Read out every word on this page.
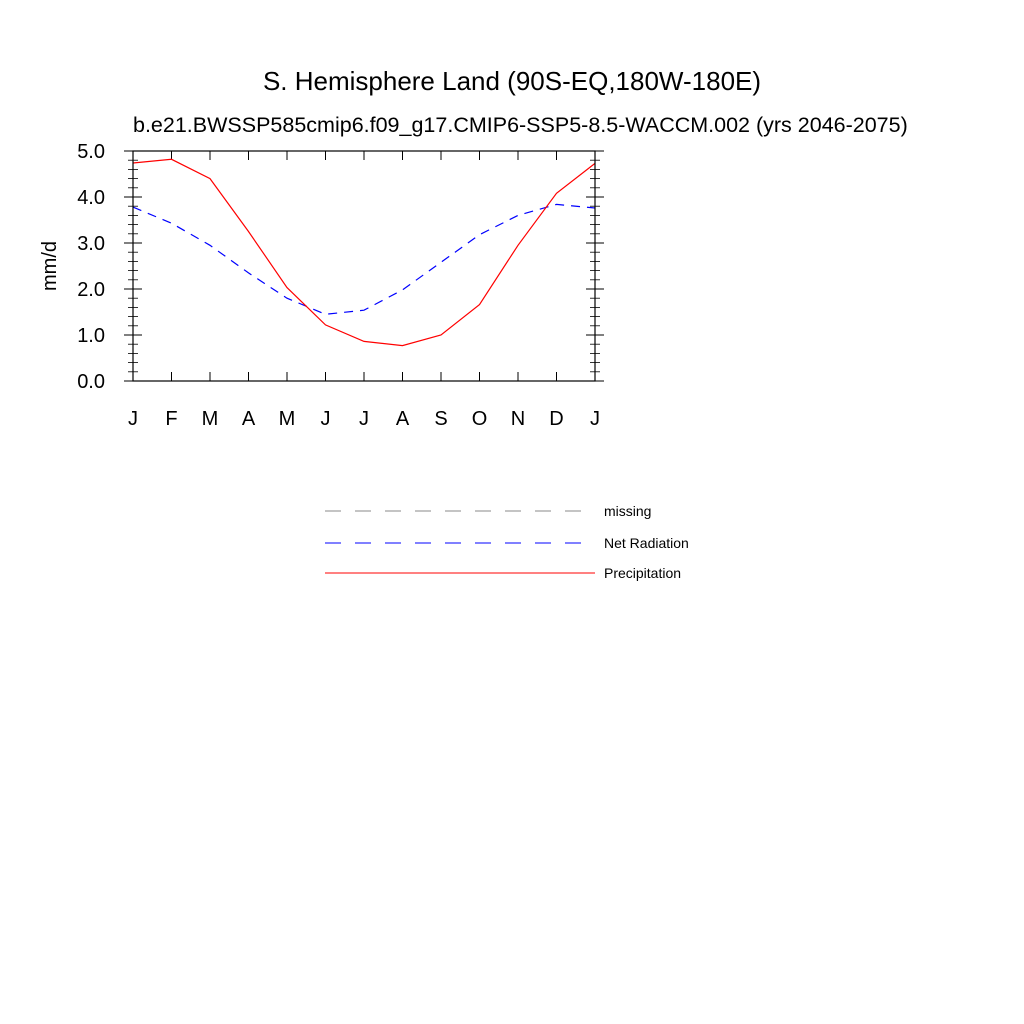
S. Hemisphere Land (90S-EQ,180W-180E)
b.e21.BWSSP585cmip6.f09_g17.CMIP6-SSP5-8.5-WACCM.002 (yrs 2046-2075)
J F M A M J J A S O N D J
0.0
1.0
2.0
3.0
4.0
5.0
mm/d
missing
Net Radiation
Precipitation
